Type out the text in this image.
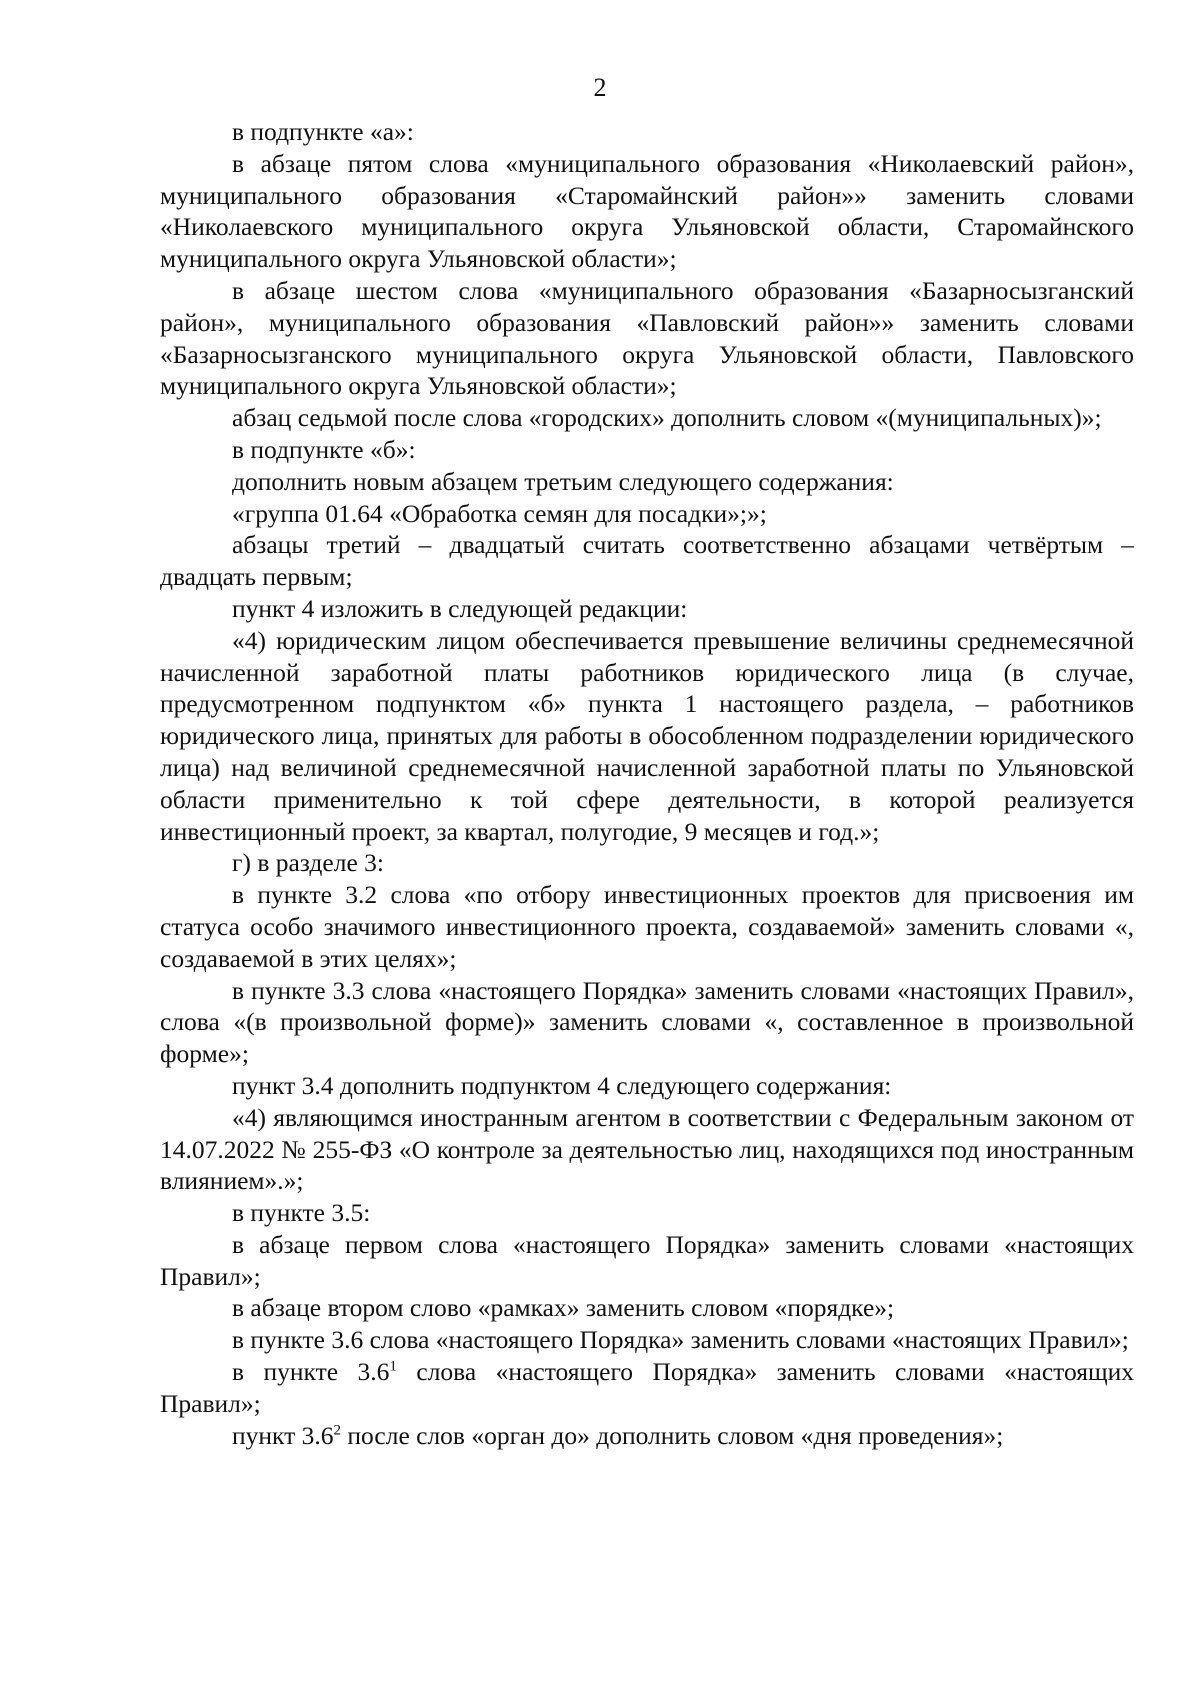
2

в подпункте «а»:

в абзаце пятом слова «муниципального образования «Николаевский район», муниципального образования «Старомайнский район»» заменить словами «Николаевского муниципального округа Ульяновской области, Старомайнского муниципального округа Ульяновской области»;

в абзаце шестом слова «муниципального образования «Базарносызганский район», муниципального образования «Павловский район»» заменить словами «Базарносызганского муниципального округа Ульяновской области, Павловского муниципального округа Ульяновской области»;

абзац седьмой после слова «городских» дополнить словом «(муниципальных)»;

в подпункте «б»:

дополнить новым абзацем третьим следующего содержания:

«группа 01.64 «Обработка семян для посадки»;»;

абзацы третий – двадцатый считать соответственно абзацами четвёртым – двадцать первым;

пункт 4 изложить в следующей редакции:

«4) юридическим лицом обеспечивается превышение величины среднемесячной начисленной заработной платы работников юридического лица (в случае, предусмотренном подпунктом «б» пункта 1 настоящего раздела, – работников юридического лица, принятых для работы в обособленном подразделении юридического лица) над величиной среднемесячной начисленной заработной платы по Ульяновской области применительно к той сфере деятельности, в которой реализуется инвестиционный проект, за квартал, полугодие, 9 месяцев и год.»;

г) в разделе 3:

в пункте 3.2 слова «по отбору инвестиционных проектов для присвоения им статуса особо значимого инвестиционного проекта, создаваемой» заменить словами «, создаваемой в этих целях»;

в пункте 3.3 слова «настоящего Порядка» заменить словами «настоящих Правил», слова «(в произвольной форме)» заменить словами «, составленное в произвольной форме»;

пункт 3.4 дополнить подпунктом 4 следующего содержания:

«4) являющимся иностранным агентом в соответствии с Федеральным законом от 14.07.2022 № 255-ФЗ «О контроле за деятельностью лиц, находящихся под иностранным влиянием».»;

в пункте 3.5:

в абзаце первом слова «настоящего Порядка» заменить словами «настоящих Правил»;

в абзаце втором слово «рамках» заменить словом «порядке»;

в пункте 3.6 слова «настоящего Порядка» заменить словами «настоящих Правил»;

в пункте $3.6^1$ слова «настоящего Порядка» заменить словами «настоящих Правил»;

пункт $3.6^2$ после слов «орган до» дополнить словом «дня проведения»;
